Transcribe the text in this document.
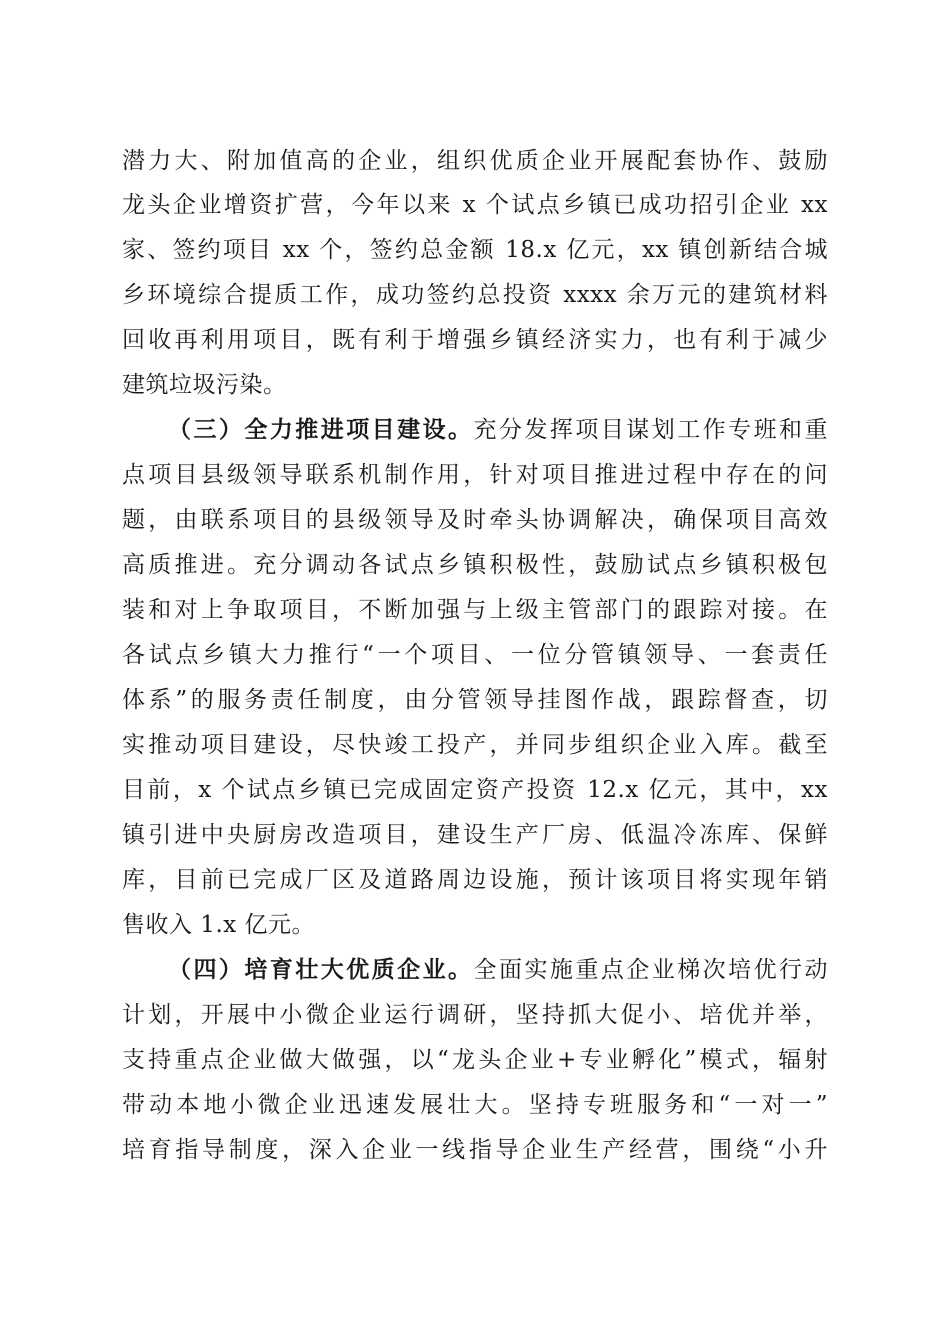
潜力大、附加值高的企业，组织优质企业开展配套协作、鼓励
龙头企业增资扩营，今年以来 x 个试点乡镇已成功招引企业 xx
家、签约项目 xx 个，签约总金额 18.x 亿元，xx 镇创新结合城
乡环境综合提质工作，成功签约总投资 xxxx 余万元的建筑材料
回收再利用项目，既有利于增强乡镇经济实力，也有利于减少
建筑垃圾污染。
（三）全力推进项目建设。充分发挥项目谋划工作专班和重
点项目县级领导联系机制作用，针对项目推进过程中存在的问
题，由联系项目的县级领导及时牵头协调解决，确保项目高效
高质推进。充分调动各试点乡镇积极性，鼓励试点乡镇积极包
装和对上争取项目，不断加强与上级主管部门的跟踪对接。在
各试点乡镇大力推行“一个项目、一位分管镇领导、一套责任
体系”的服务责任制度，由分管领导挂图作战，跟踪督查，切
实推动项目建设，尽快竣工投产，并同步组织企业入库。截至
目前，x 个试点乡镇已完成固定资产投资 12.x 亿元，其中，xx
镇引进中央厨房改造项目，建设生产厂房、低温冷冻库、保鲜
库，目前已完成厂区及道路周边设施，预计该项目将实现年销
售收入 1.x 亿元。
（四）培育壮大优质企业。全面实施重点企业梯次培优行动
计划，开展中小微企业运行调研，坚持抓大促小、培优并举，
支持重点企业做大做强，以“龙头企业+专业孵化”模式，辐射
带动本地小微企业迅速发展壮大。坚持专班服务和“一对一”
培育指导制度，深入企业一线指导企业生产经营，围绕“小升
